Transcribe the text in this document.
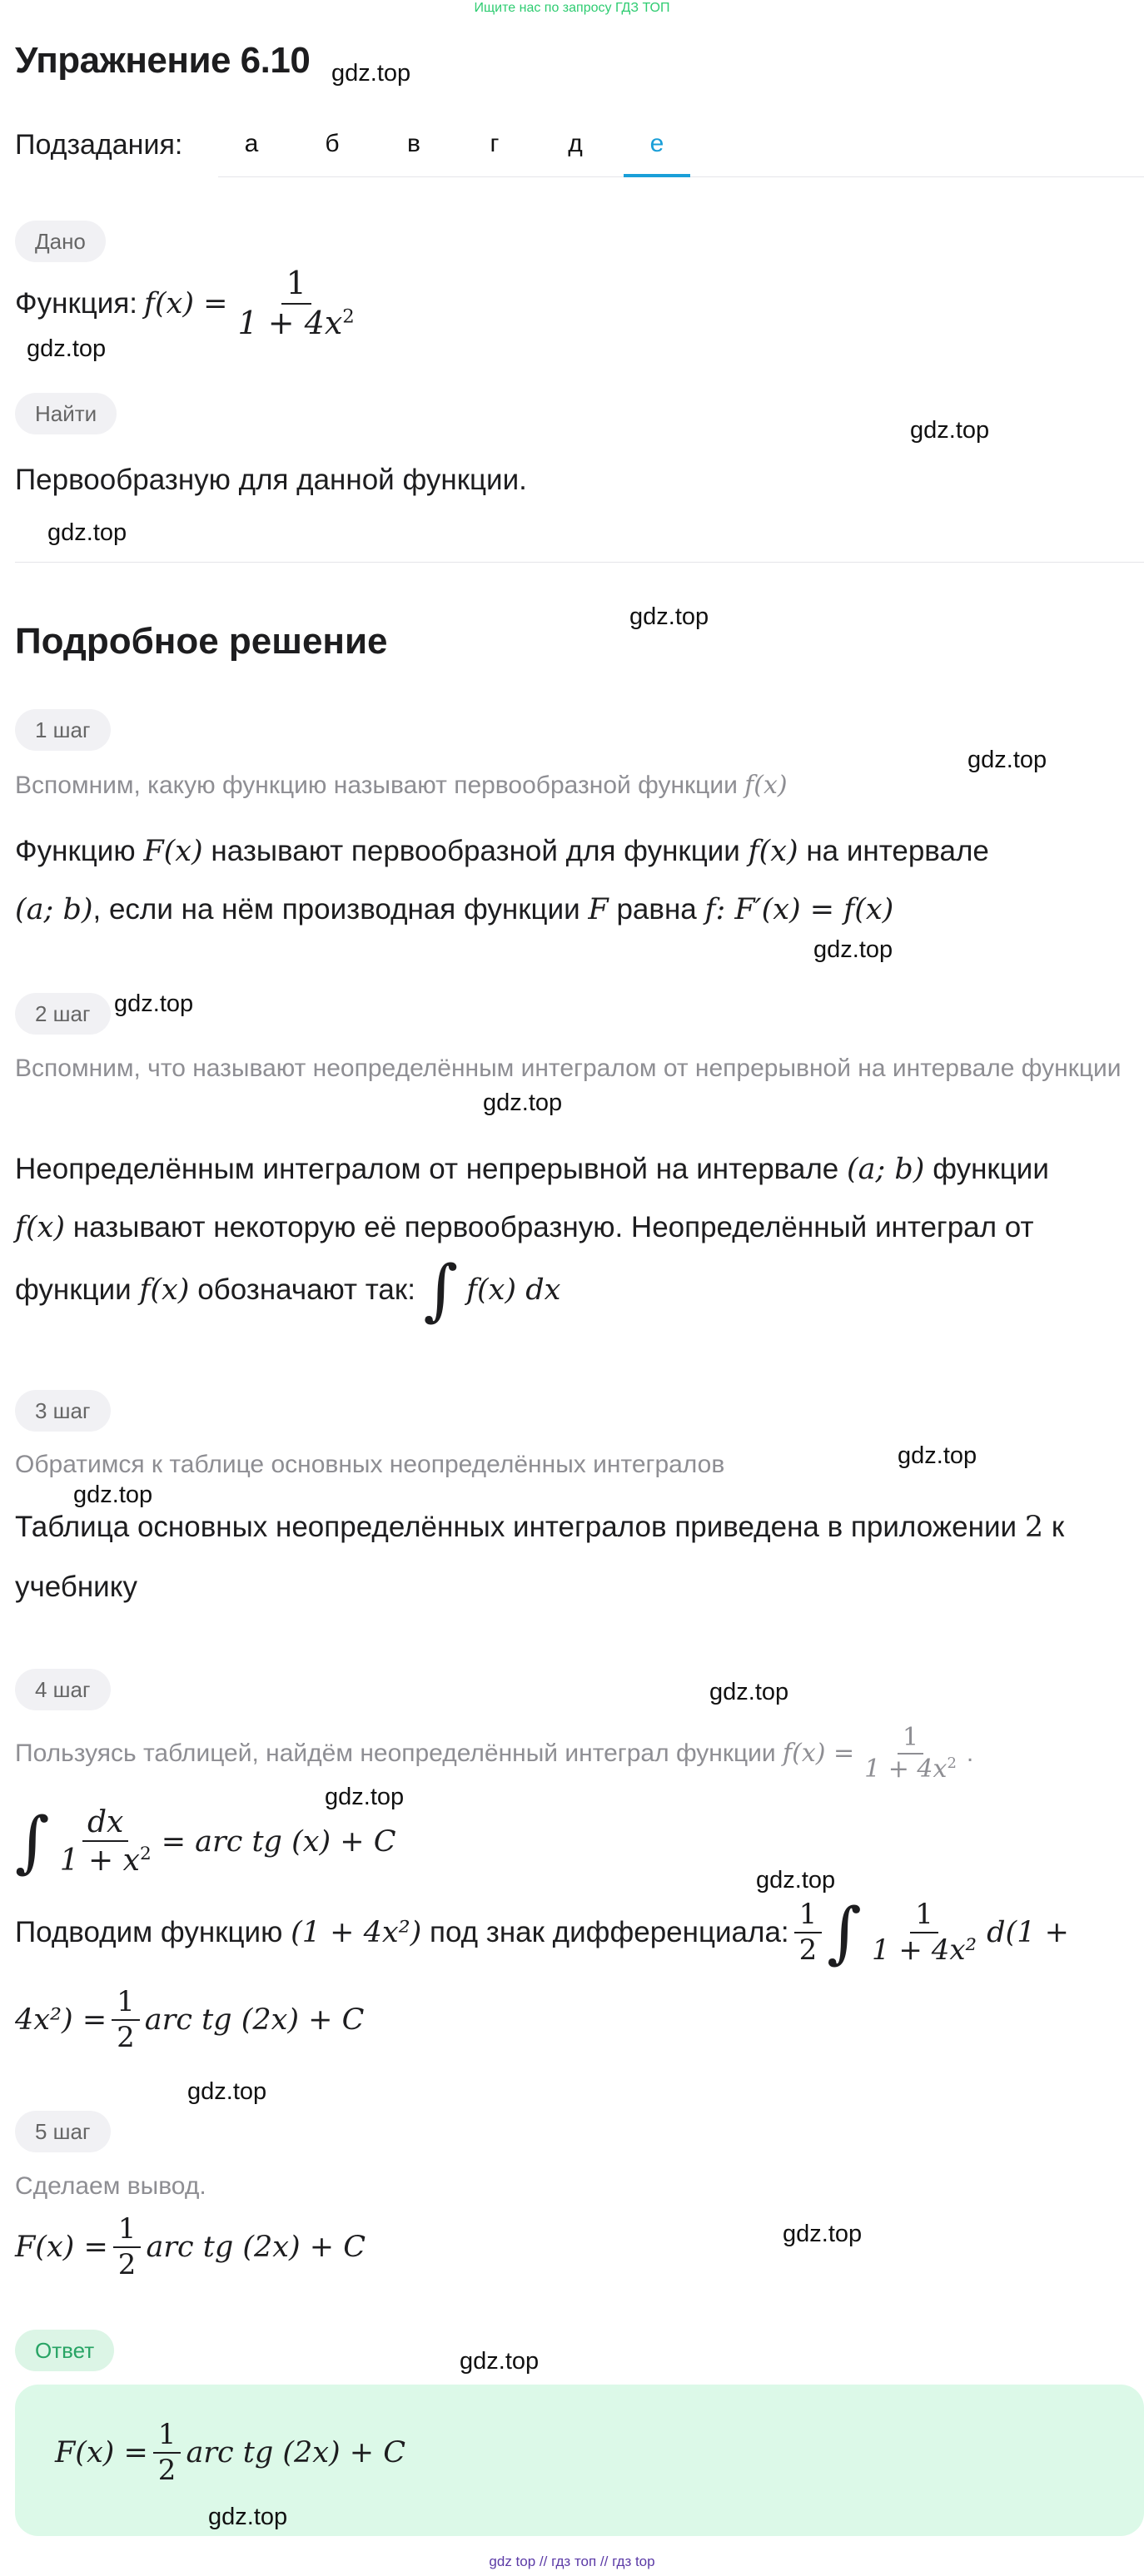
Ищите нас по запросу ГДЗ ТОП
Упражнение 6.10 gdz.top
Подзадания:	а	б	в	г	д	е
Дано
Функция: $f(x) = \frac{1}{1 + 4x^2}$
gdz.top
Найти
gdz.top
Первообразную для данной функции.
gdz.top
gdz.top
Подробное решение
1 шаг
gdz.top
Вспомним, какую функцию называют первообразной функции f(x)
Функцию F(x) называют первообразной для функции f(x) на интервале
(a; b), если на нём производная функции F равна f: F′(x) = f(x)
gdz.top
2 шаг gdz.top
Вспомним, что называют неопределённым интегралом от непрерывной на интервале функции
gdz.top
Неопределённым интегралом от непрерывной на интервале (a; b) функции
f(x) называют некоторую её первообразную. Неопределённый интеграл от
функции
f(x)
обозначают так:
∫
f(x) dx
3 шаг
gdz.top
Обратимся к таблице основных неопределённых интегралов
gdz.top
Таблица основных неопределённых интегралов приведена в приложении 2 к
учебнику
4 шаг	gdz.top
Пользуясь таблицей, найдём неопределённый интеграл функции
$f(x) = \frac{1}{1 + 4x^2}$ .
gdz.top
∫ $\frac{dx}{1 + x^2}$ = arc tg (x) + C
gdz.top
Подводим функцию
(1 + 4x²)
под знак дифференциала: $\frac{1}{2}$ ∫ $\frac{1}{\text{1 + 4x²}} d(1$ +
$4x^2) = \frac{1}{2}$ arc tg (2x) + C
gdz.top
5 шаг
Сделаем вывод.
gdz.top
$F(x) = \frac{1}{2}$ arc tg (2x) + C
Ответ	gdz.top
$F(x) = \frac{1}{2}$ arc tg (2x) + C
gdz.top
gdz top // гдз топ // гдз top
